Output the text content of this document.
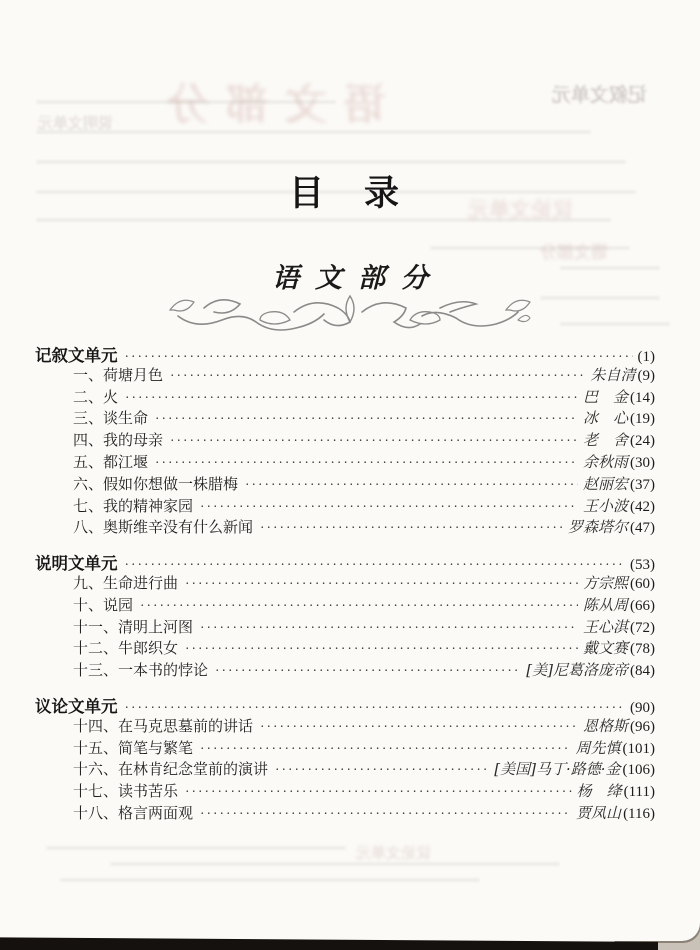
语文部分	记叙文单元
说明文单元
议论文单元
语文部分
议论文单元
目录
语文部分
记叙文单元 ·····	(1)
一、荷塘月色 ·····	朱自清 (9)
二、火 ·····	巴　金 (14)
三、谈生命 ·····	冰　心 (19)
四、我的母亲 ·····	老　舍 (24)
五、都江堰 ·····	余秋雨 (30)
六、假如你想做一株腊梅 ·····	赵丽宏 (37)
七、我的精神家园 ·····	王小波 (42)
八、奥斯维辛没有什么新闻 ·····	罗森塔尔 (47)
说明文单元 ·····	(53)
九、生命进行曲 ·····	方宗熙 (60)
十、说园 ·····	陈从周 (66)
十一、清明上河图 ·····	王心淇 (72)
十二、牛郎织女 ·····	戴文赛 (78)
十三、一本书的悖论 ·····	[美]尼葛洛庞帝 (84)
议论文单元 ·····	(90)
十四、在马克思墓前的讲话 ·····	恩格斯 (96)
十五、简笔与繁笔 ·····	周先慎 (101)
十六、在林肯纪念堂前的演讲 ·····	[美国]马丁·路德·金 (106)
十七、读书苦乐 ·····	杨　绛 (111)
十八、格言两面观 ·····	贾凤山 (116)
